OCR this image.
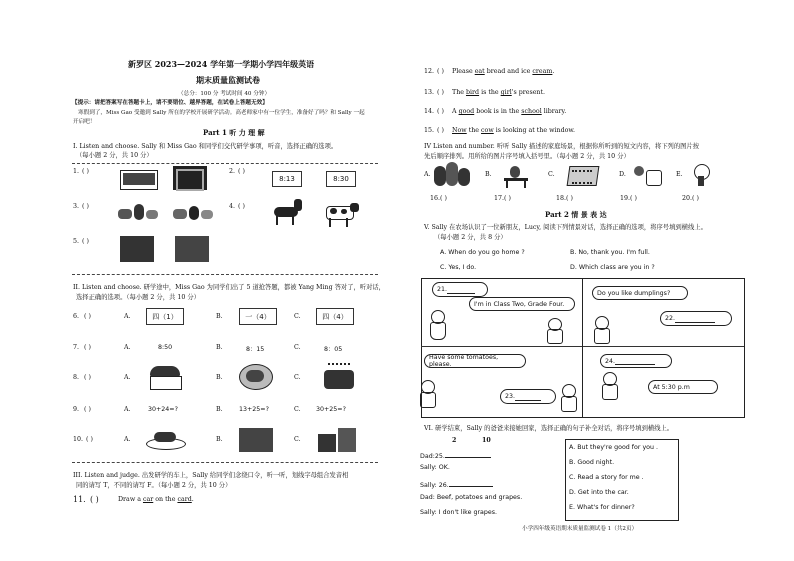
新罗区 2023—2024 学年第一学期小学四年级英语
期末质量监测试卷
（总分：100 分 考试时间 40 分钟）
【提示：请把答案写在答题卡上，请不要错位、越界答题，在试卷上答题无效】
寒假到了，Miss Gao 受邀到 Sally 所在的学校开展研学活动。高老师家中有一位学生，准备好了吗？和 Sally 一起
开启吧！
Part 1 听 力 理 解
I. Listen and choose. Sally 和 Miss Gao 和同学们交代研学事项，听音，选择正确的选项。
（每小题 2 分，共 10 分）
1. ( )	2. ( )
8:13	8:30
3. ( )	4. ( )
5. ( )
II. Listen and choose. 研学途中，Miss Gao 为同学们出了 5 道抢答题，都被 Yang Ming 答对了，听对话，
选择正确的选项。（每小题 2 分，共 10 分）
6. ( )	A.	四（1）	B.	一（4）	C.	四（4）
7. ( )	A.	8:50	B.	8：15	C.	8：05
8. ( )	A.	B.	C.
9. ( )	A.	30+24=?	B.	13+25=?	C. 30+25=?
10. ( )	A.	B.	C.
III. Listen and judge. 出发研学的车上，Sally 给同学们念绕口令，听一听，划线字母组合发音相
同的请写 T，不同的请写 F。（每小题 2 分，共 10 分）
11. ( )	Draw a car on the card.
12. ( ) Please eat bread and ice cream.
13. ( ) The bird is the girl's present.
14. ( ) A good book is in the school library.
15. ( ) Now the cow is looking at the window.
IV Listen and number. 听听 Sally 描述的家庭场景，根据你所听到的短文内容，将下列的图片按
先后顺序排列。用所给的图片序号填入括号里。（每小题 2 分，共 10 分）
A.	B.	C.	D.	E.
16.( )	17.( )	18.( )	19.( )	20.( )
Part 2 情 景 表 达
V. Sally 在农场认识了一位新朋友，Lucy, 阅读下列情景对话，选择正确的选项，将序号填到横线上。
（每小题 2 分，共 8 分）
A. When do you go home ?	B. No, thank you. I'm full.
C. Yes, I do.	D. Which class are you in ?
21.
I'm in Class Two, Grade Four.
Do you like dumplings?
22.
Have some tomatoes, please.	24.
At 5:30 p.m
23.
VI. 研学结束，Sally 的爸爸来接她回家，选择正确的句子补全对话，将序号填到横线上。
2	10
Dad:25.
Sally: OK.
Sally: 26.
Dad: Beef, potatoes and grapes.
Sally: I don't like grapes.
A. But they're good for you .
B. Good night.
C. Read a story for me .
D. Get into the car.
E. What's for dinner?
小学四年级英语期末质量监测试卷 1（共2页）
